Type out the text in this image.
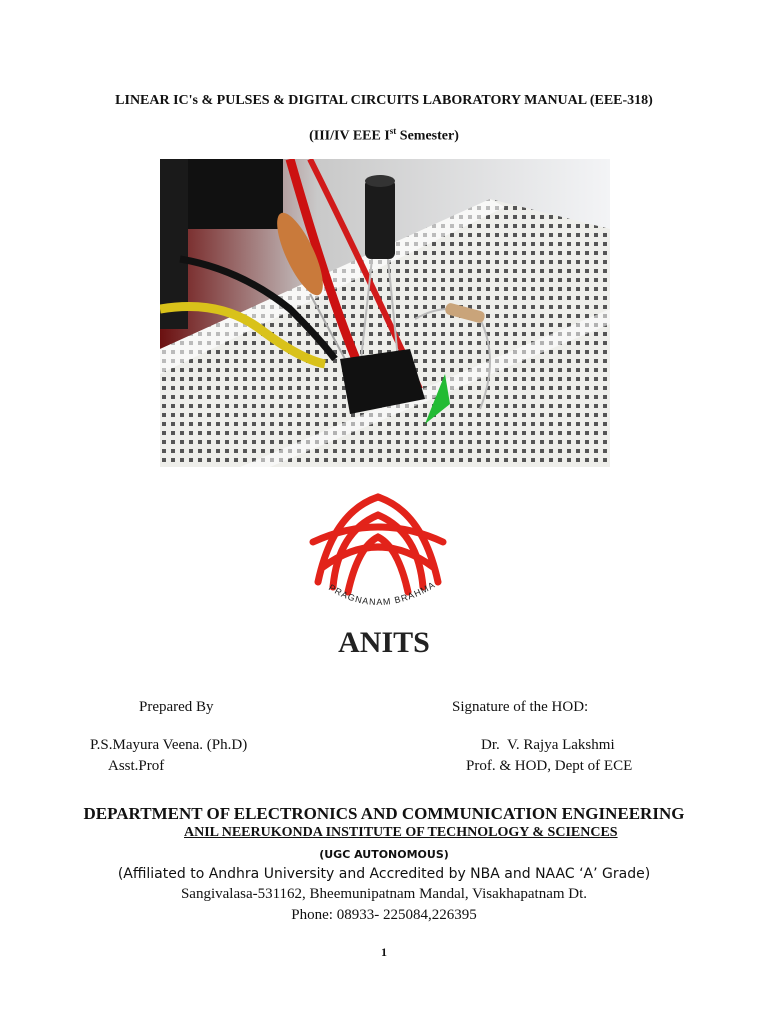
LINEAR IC's & PULSES & DIGITAL CIRCUITS LABORATORY MANUAL (EEE-318)
(III/IV EEE Ist Semester)
PRAGNANAM BRAHMA
ANITS
Prepared By	Signature of the HOD:
P.S.Mayura Veena. (Ph.D)
Asst.Prof
Dr.  V. Rajya Lakshmi
Prof. & HOD, Dept of ECE
DEPARTMENT OF ELECTRONICS AND COMMUNICATION ENGINEERING
ANIL NEERUKONDA INSTITUTE OF TECHNOLOGY & SCIENCES
(UGC AUTONOMOUS)
(Affiliated to Andhra University and Accredited by NBA and NAAC ‘A’ Grade)
Sangivalasa-531162, Bheemunipatnam Mandal, Visakhapatnam Dt.
Phone: 08933- 225084,226395
1
